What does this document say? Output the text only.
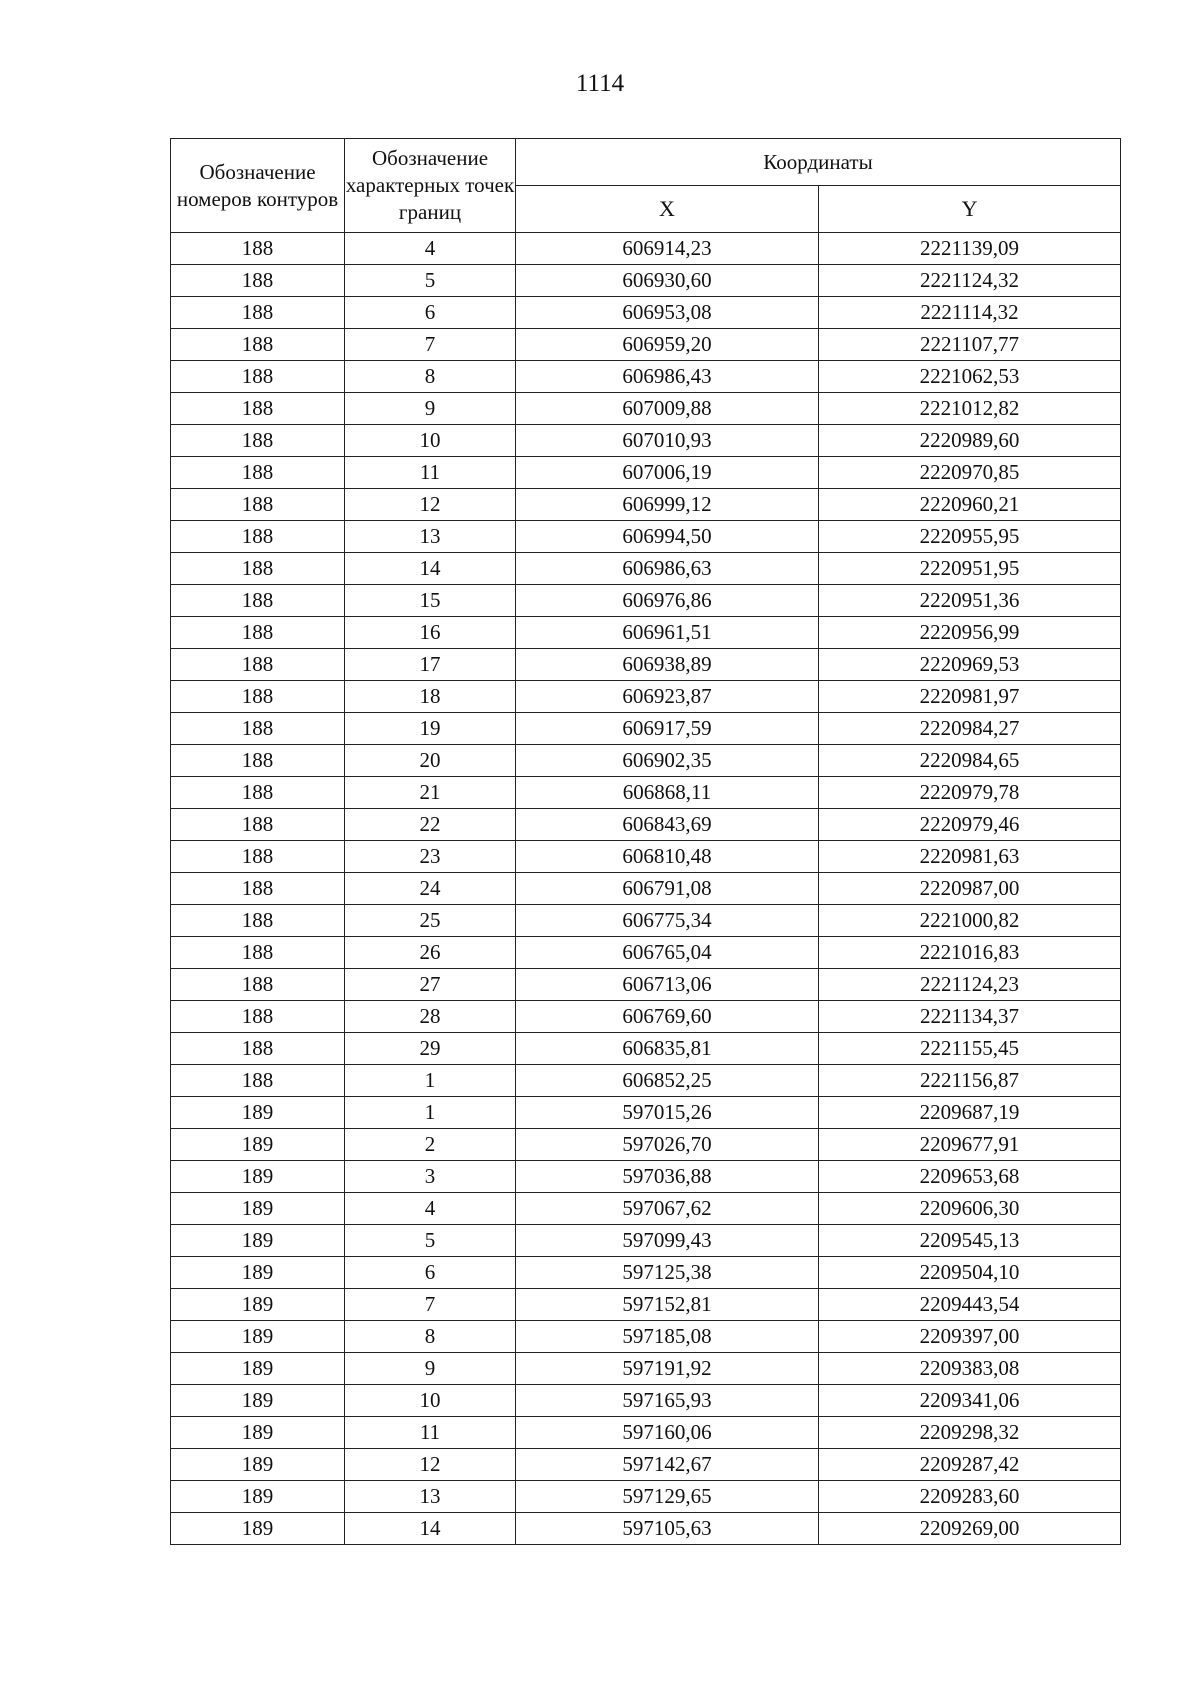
1114
Обозначение номеров контуров	Обозначение характерных точек границ	Координаты	
		X	Y
188	4	606914,23	2221139,09
188	5	606930,60	2221124,32
188	6	606953,08	2221114,32
188	7	606959,20	2221107,77
188	8	606986,43	2221062,53
188	9	607009,88	2221012,82
188	10	607010,93	2220989,60
188	11	607006,19	2220970,85
188	12	606999,12	2220960,21
188	13	606994,50	2220955,95
188	14	606986,63	2220951,95
188	15	606976,86	2220951,36
188	16	606961,51	2220956,99
188	17	606938,89	2220969,53
188	18	606923,87	2220981,97
188	19	606917,59	2220984,27
188	20	606902,35	2220984,65
188	21	606868,11	2220979,78
188	22	606843,69	2220979,46
188	23	606810,48	2220981,63
188	24	606791,08	2220987,00
188	25	606775,34	2221000,82
188	26	606765,04	2221016,83
188	27	606713,06	2221124,23
188	28	606769,60	2221134,37
188	29	606835,81	2221155,45
188	1	606852,25	2221156,87
189	1	597015,26	2209687,19
189	2	597026,70	2209677,91
189	3	597036,88	2209653,68
189	4	597067,62	2209606,30
189	5	597099,43	2209545,13
189	6	597125,38	2209504,10
189	7	597152,81	2209443,54
189	8	597185,08	2209397,00
189	9	597191,92	2209383,08
189	10	597165,93	2209341,06
189	11	597160,06	2209298,32
189	12	597142,67	2209287,42
189	13	597129,65	2209283,60
189	14	597105,63	2209269,00
